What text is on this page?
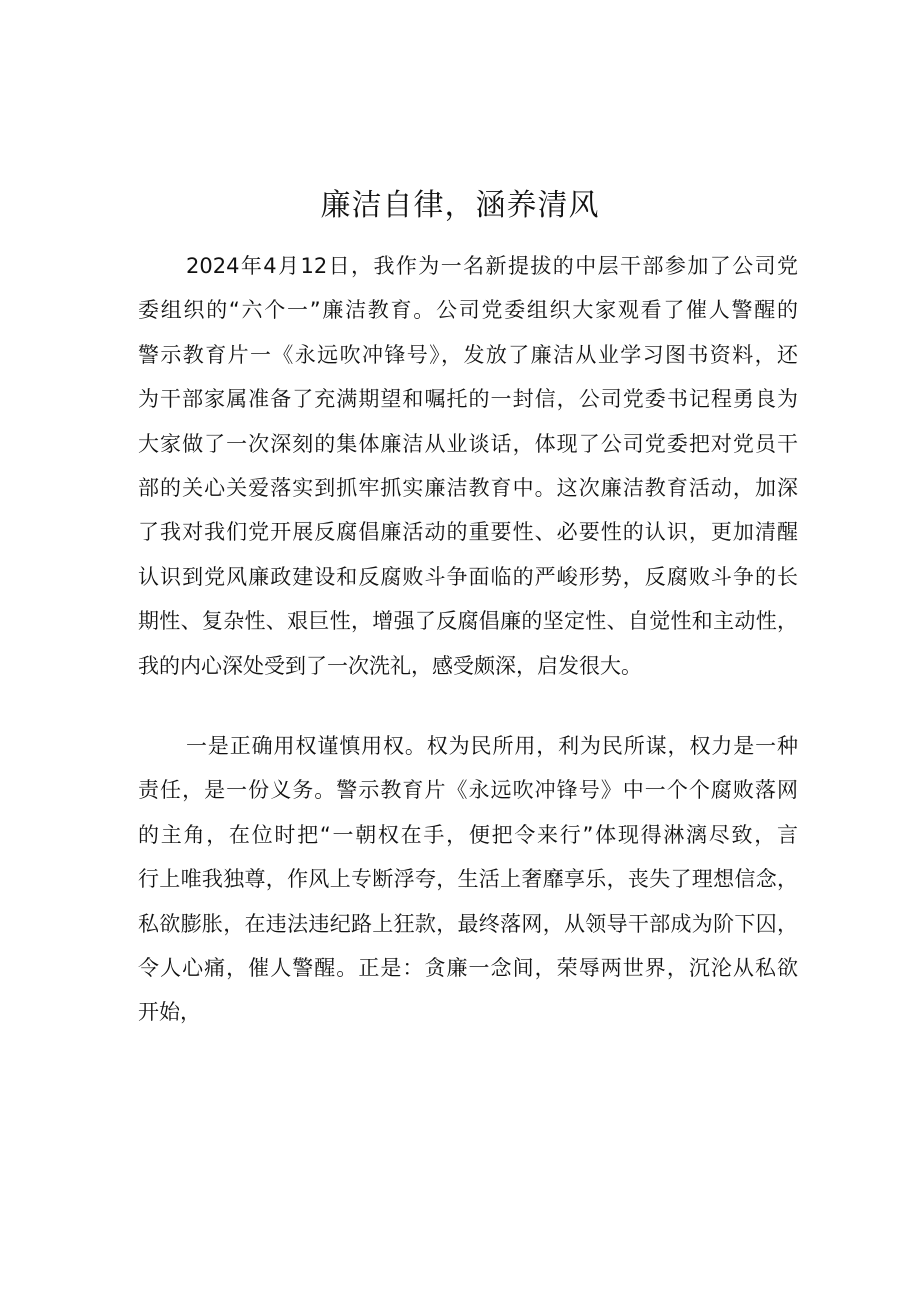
廉洁自律，涵养清风
2024年4月12日，我作为一名新提拔的中层干部参加了公司党
委组织的“六个一”廉洁教育。公司党委组织大家观看了催人警醒的
警示教育片一《永远吹冲锋号》，发放了廉洁从业学习图书资料，还
为干部家属准备了充满期望和嘱托的一封信，公司党委书记程勇良为
大家做了一次深刻的集体廉洁从业谈话，体现了公司党委把对党员干
部的关心关爱落实到抓牢抓实廉洁教育中。这次廉洁教育活动，加深
了我对我们党开展反腐倡廉活动的重要性、必要性的认识，更加清醒
认识到党风廉政建设和反腐败斗争面临的严峻形势，反腐败斗争的长
期性、复杂性、艰巨性，增强了反腐倡廉的坚定性、自觉性和主动性，
我的内心深处受到了一次洗礼，感受颇深，启发很大。
一是正确用权谨慎用权。权为民所用，利为民所谋，权力是一种
责任，是一份义务。警示教育片《永远吹冲锋号》中一个个腐败落网
的主角，在位时把“一朝权在手，便把令来行”体现得淋漓尽致，言
行上唯我独尊，作风上专断浮夸，生活上奢靡享乐，丧失了理想信念，
私欲膨胀，在违法违纪路上狂款，最终落网，从领导干部成为阶下囚，
令人心痛，催人警醒。正是：贪廉一念间，荣辱两世界，沉沦从私欲
开始，
